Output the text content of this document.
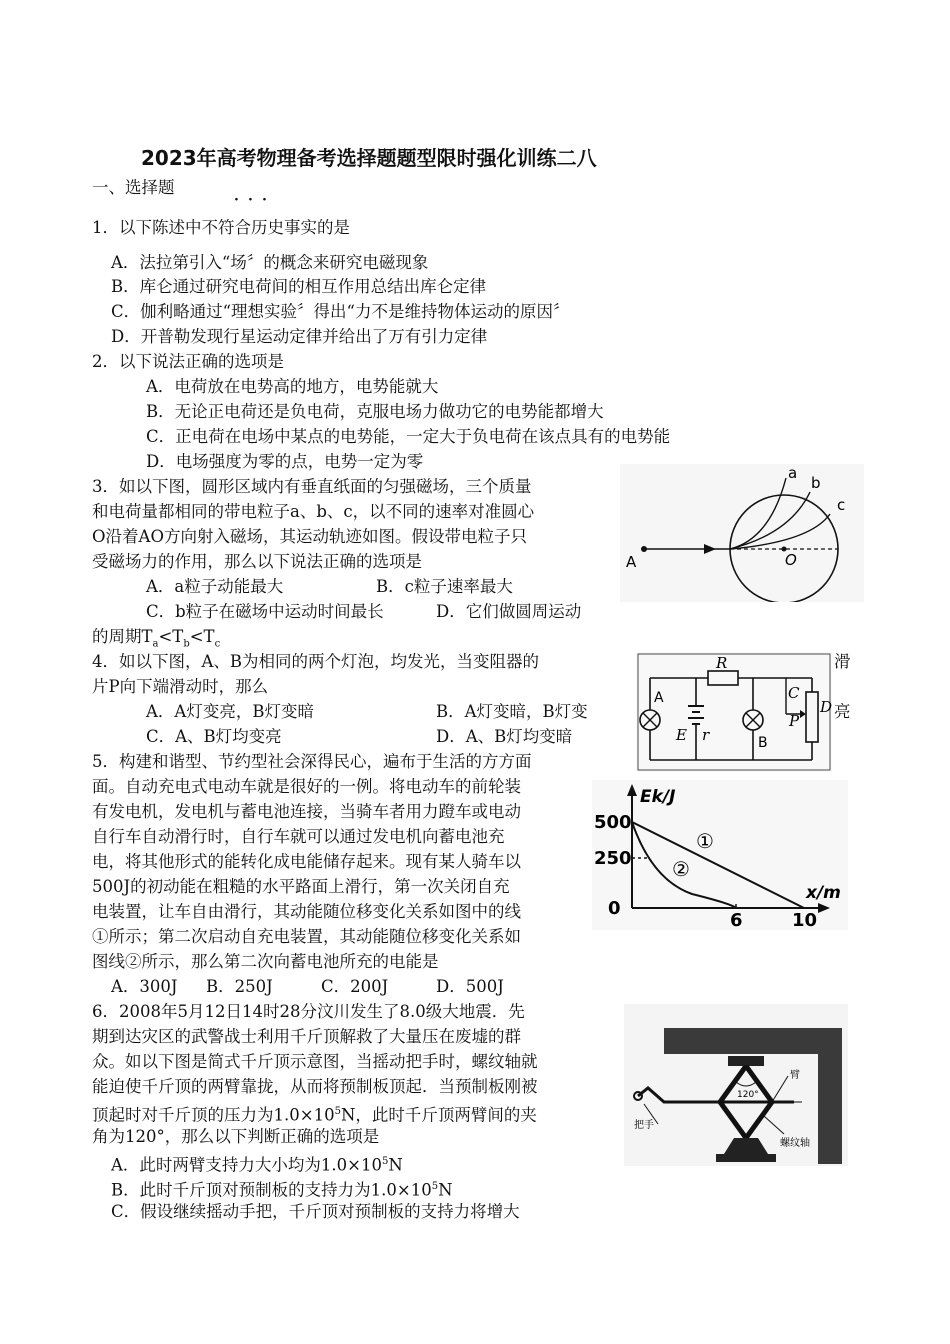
2023年高考物理备考选择题题型限时强化训练二八
一、选择题
· · ·
1．以下陈述中不符合历史事实的是
A．法拉第引入“场〞的概念来研究电磁现象
B．库仑通过研究电荷间的相互作用总结出库仑定律
C．伽利略通过“理想实验〞得出“力不是维持物体运动的原因〞
D．开普勒发现行星运动定律并给出了万有引力定律
2．以下说法正确的选项是
A．电荷放在电势高的地方，电势能就大
B．无论正电荷还是负电荷，克服电场力做功它的电势能都增大
C．正电荷在电场中某点的电势能，一定大于负电荷在该点具有的电势能
D．电场强度为零的点，电势一定为零
3．如以下图，圆形区域内有垂直纸面的匀强磁场，三个质量
和电荷量都相同的带电粒子a、b、c，以不同的速率对准圆心
O沿着AO方向射入磁场，其运动轨迹如图。假设带电粒子只
受磁场力的作用，那么以下说法正确的选项是
A．a粒子动能最大	B．c粒子速率最大
C．b粒子在磁场中运动时间最长	D．它们做圆周运动
的周期$T_a<T_b<T_c$
a
b
c
A	O
4．如以下图，A、B为相同的两个灯泡，均发光，当变阻器的	滑
片P向下端滑动时，那么
A．A灯变亮，B灯变暗	B．A灯变暗，B灯变	亮
C．A、B灯均变亮	D．A、B灯均变暗
R
A
E r	B
C
P
D
5．构建和谐型、节约型社会深得民心，遍布于生活的方方面
面。自动充电式电动车就是很好的一例。将电动车的前轮装
有发电机，发电机与蓄电池连接，当骑车者用力蹬车或电动
自行车自动滑行时，自行车就可以通过发电机向蓄电池充
电，将其他形式的能转化成电能储存起来。现有某人骑车以
500J的初动能在粗糙的水平路面上滑行，第一次关闭自充
电装置，让车自由滑行，其动能随位移变化关系如图中的线
①所示；第二次启动自充电装置，其动能随位移变化关系如
图线②所示，那么第二次向蓄电池所充的电能是
A．300J B．250J	C．200J	D．500J
Ek/J
x/m
500
250
0
6	10
①
②
6．2008年5月12日14时28分汶川发生了8.0级大地震．先
期到达灾区的武警战士利用千斤顶解救了大量压在废墟的群
众。如以下图是简式千斤顶示意图，当摇动把手时，螺纹轴就
能迫使千斤顶的两臂靠拢，从而将预制板顶起．当预制板刚被
顶起时对千斤顶的压力为$1.0\times 10^5N$，此时千斤顶两臂间的夹
角为120°，那么以下判断正确的选项是
A．此时两臂支持力大小均为$1.0\times 10^5N$
B．此时千斤顶对预制板的支持力为$1.0\times 10^5N$
C．假设继续摇动手把，千斤顶对预制板的支持力将增大
臂
120°
把手
螺纹轴
